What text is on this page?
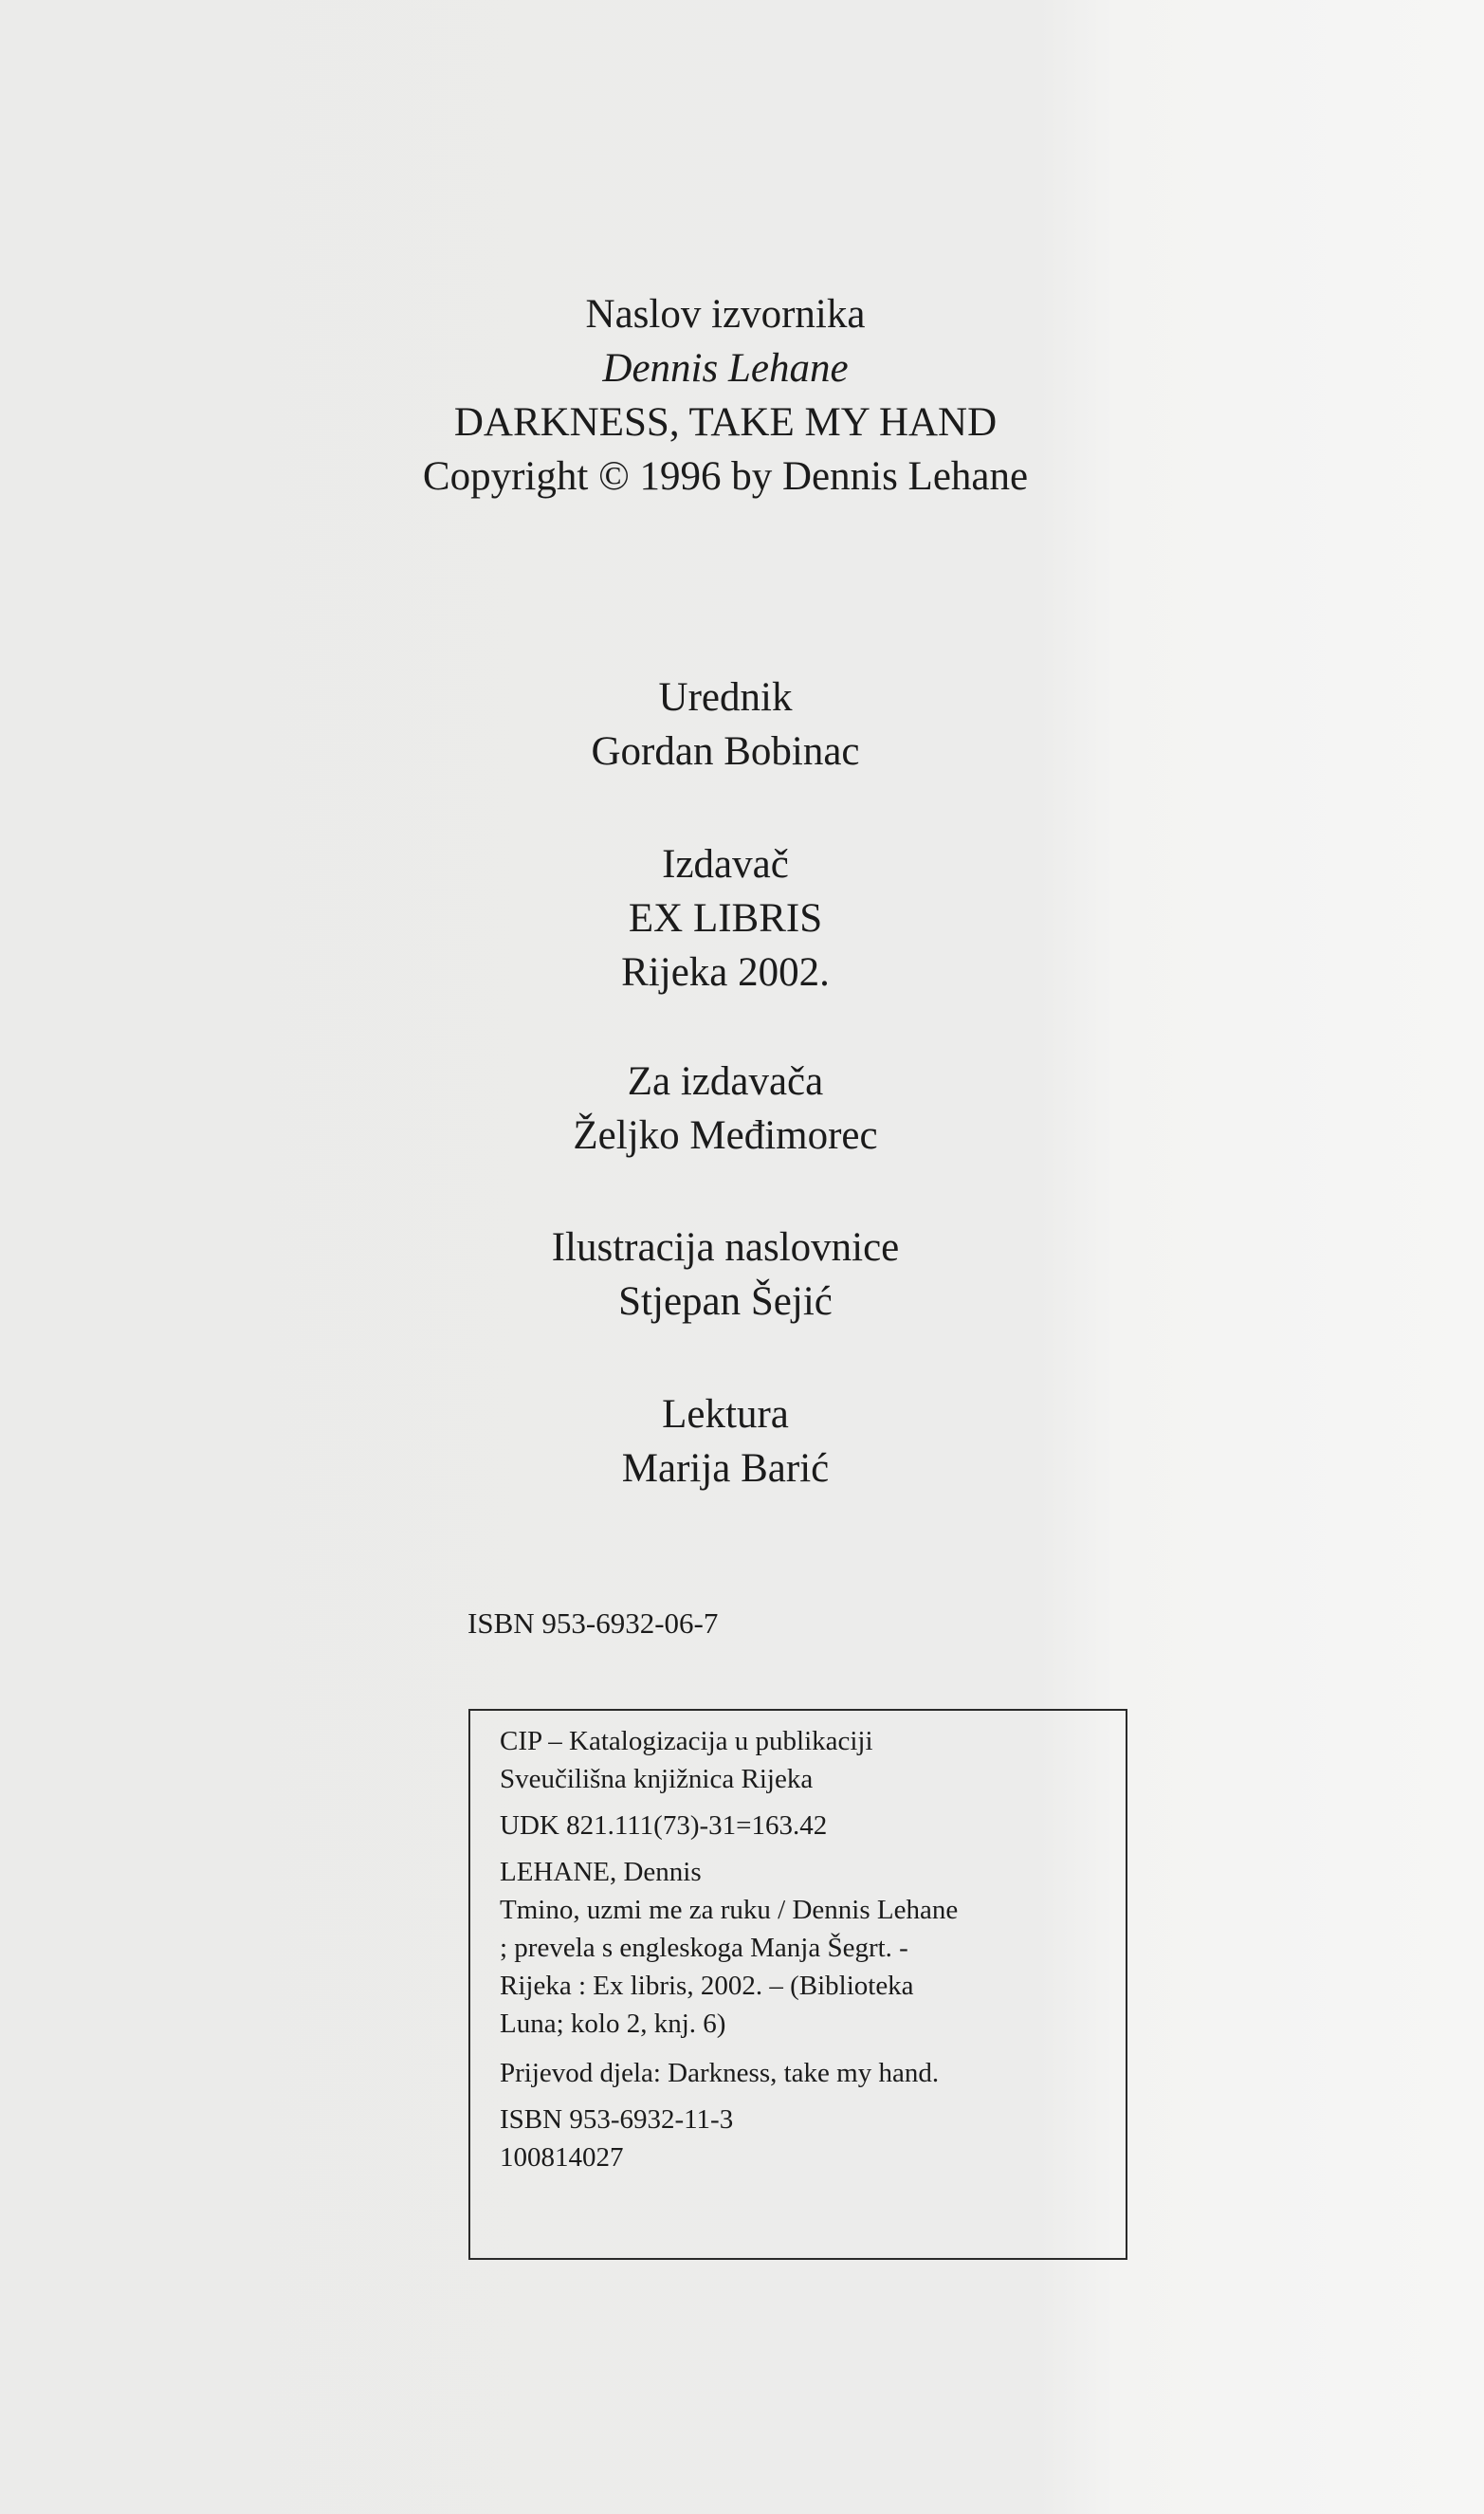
Naslov izvornika
Dennis Lehane
DARKNESS, TAKE MY HAND
Copyright © 1996 by Dennis Lehane
Urednik
Gordan Bobinac
Izdavač
EX LIBRIS
Rijeka 2002.
Za izdavača
Željko Međimorec
Ilustracija naslovnice
Stjepan Šejić
Lektura
Marija Barić
ISBN 953-6932-06-7
CIP – Katalogizacija u publikaciji
Sveučilišna knjižnica Rijeka
UDK 821.111(73)-31=163.42
LEHANE, Dennis
Tmino, uzmi me za ruku / Dennis Lehane
; prevela s engleskoga Manja Šegrt. -
Rijeka : Ex libris, 2002. – (Biblioteka
Luna; kolo 2, knj. 6)
Prijevod djela: Darkness, take my hand.
ISBN 953-6932-11-3
100814027
